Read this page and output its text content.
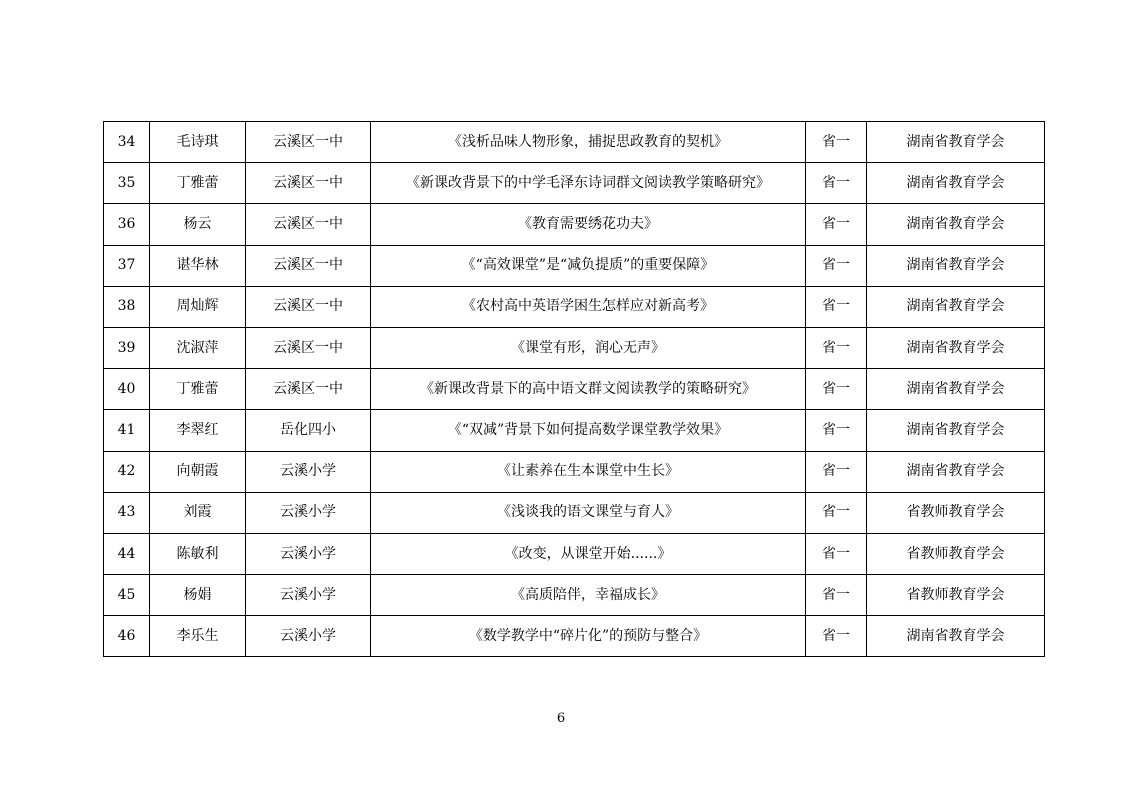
34	毛诗琪	云溪区一中	《浅析品味人物形象，捕捉思政教育的契机》	省一	湖南省教育学会
35	丁雅蕾	云溪区一中	《新课改背景下的中学毛泽东诗词群文阅读教学策略研究》	省一	湖南省教育学会
36	杨云	云溪区一中	《教育需要绣花功夫》	省一	湖南省教育学会
37	谌华林	云溪区一中	《“高效课堂”是“减负提质”的重要保障》	省一	湖南省教育学会
38	周灿辉	云溪区一中	《农村高中英语学困生怎样应对新高考》	省一	湖南省教育学会
39	沈淑萍	云溪区一中	《课堂有形，润心无声》	省一	湖南省教育学会
40	丁雅蕾	云溪区一中	《新课改背景下的高中语文群文阅读教学的策略研究》	省一	湖南省教育学会
41	李翠红	岳化四小	《“双减”背景下如何提高数学课堂教学效果》	省一	湖南省教育学会
42	向朝霞	云溪小学	《让素养在生本课堂中生长》	省一	湖南省教育学会
43	刘霞	云溪小学	《浅谈我的语文课堂与育人》	省一	省教师教育学会
44	陈敏利	云溪小学	《改变，从课堂开始......》	省一	省教师教育学会
45	杨娟	云溪小学	《高质陪伴，幸福成长》	省一	省教师教育学会
46	李乐生	云溪小学	《数学教学中“碎片化”的预防与整合》	省一	湖南省教育学会
6
